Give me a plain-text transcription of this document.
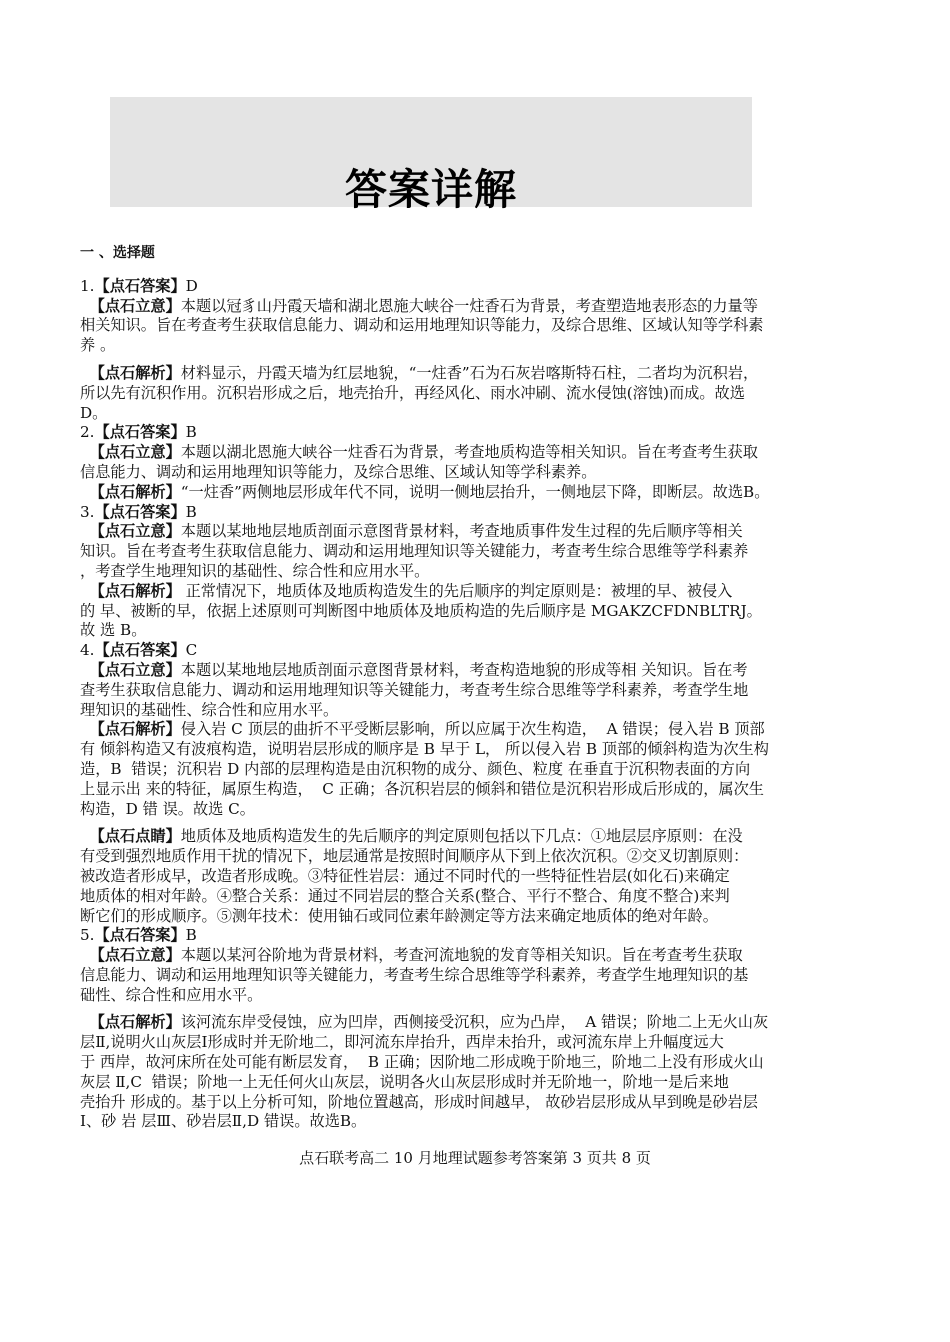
答案详解
一 、选择题
1.【点石答案】D
【点石立意】本题以冠豸山丹霞天墙和湖北恩施大峡谷一炷香石为背景，考查塑造地表形态的力量等
相关知识。旨在考查考生获取信息能力、调动和运用地理知识等能力，及综合思维、区域认知等学科素
养 。
【点石解析】材料显示，丹霞天墙为红层地貌，“一炷香”石为石灰岩喀斯特石柱，二者均为沉积岩，
所以先有沉积作用。沉积岩形成之后，地壳抬升，再经风化、雨水冲刷、流水侵蚀(溶蚀)而成。故选
D。
2.【点石答案】B
【点石立意】本题以湖北恩施大峡谷一炷香石为背景，考查地质构造等相关知识。旨在考查考生获取
信息能力、调动和运用地理知识等能力，及综合思维、区域认知等学科素养。
【点石解析】“一炷香”两侧地层形成年代不同，说明一侧地层抬升，一侧地层下降，即断层。故选B。
3.【点石答案】B
【点石立意】本题以某地地层地质剖面示意图背景材料，考查地质事件发生过程的先后顺序等相关
知识。旨在考查考生获取信息能力、调动和运用地理知识等关键能力，考查考生综合思维等学科素养
，考查学生地理知识的基础性、综合性和应用水平。
【点石解析】 正常情况下，地质体及地质构造发生的先后顺序的判定原则是：被埋的早、被侵入
的 早、被断的早，依据上述原则可判断图中地质体及地质构造的先后顺序是 MGAKZCFDNBLTRJ。
故 选 B。
4.【点石答案】C
【点石立意】本题以某地地层地质剖面示意图背景材料，考查构造地貌的形成等相 关知识。旨在考
查考生获取信息能力、调动和运用地理知识等关键能力，考查考生综合思维等学科素养，考查学生地
理知识的基础性、综合性和应用水平。
【点石解析】侵入岩 C 顶层的曲折不平受断层影响，所以应属于次生构造，  A 错误；侵入岩 B 顶部
有 倾斜构造又有波痕构造，说明岩层形成的顺序是 B 早于 L， 所以侵入岩 B 顶部的倾斜构造为次生构
造，B  错误；沉积岩 D 内部的层理构造是由沉积物的成分、颜色、粒度 在垂直于沉积物表面的方向
上显示出 来的特征，属原生构造，  C 正确；各沉积岩层的倾斜和错位是沉积岩形成后形成的，属次生
构造，D 错 误。故选 C。
【点石点睛】地质体及地质构造发生的先后顺序的判定原则包括以下几点：①地层层序原则：在没
有受到强烈地质作用干扰的情况下，地层通常是按照时间顺序从下到上依次沉积。②交叉切割原则：
被改造者形成早，改造者形成晚。③特征性岩层：通过不同时代的一些特征性岩层(如化石)来确定
地质体的相对年龄。④整合关系：通过不同岩层的整合关系(整合、平行不整合、角度不整合)来判
断它们的形成顺序。⑤测年技术：使用铀石或同位素年龄测定等方法来确定地质体的绝对年龄。
5.【点石答案】B
【点石立意】本题以某河谷阶地为背景材料，考查河流地貌的发育等相关知识。旨在考查考生获取
信息能力、调动和运用地理知识等关键能力，考查考生综合思维等学科素养，考查学生地理知识的基
础性、综合性和应用水平。
【点石解析】该河流东岸受侵蚀，应为凹岸，西侧接受沉积，应为凸岸，  A 错误；阶地二上无火山灰
层Ⅱ,说明火山灰层Ⅰ形成时并无阶地二，即河流东岸抬升，西岸未抬升，或河流东岸上升幅度远大
于 西岸，故河床所在处可能有断层发育，  B 正确；因阶地二形成晚于阶地三，阶地二上没有形成火山
灰层 Ⅱ,C  错误；阶地一上无任何火山灰层，说明各火山灰层形成时并无阶地一，阶地一是后来地
壳抬升 形成的。基于以上分析可知，阶地位置越高，形成时间越早， 故砂岩层形成从早到晚是砂岩层
Ⅰ、砂 岩 层Ⅲ、砂岩层Ⅱ,D 错误。故选B。
点石联考高二 10 月地理试题参考答案第 3 页共 8 页
